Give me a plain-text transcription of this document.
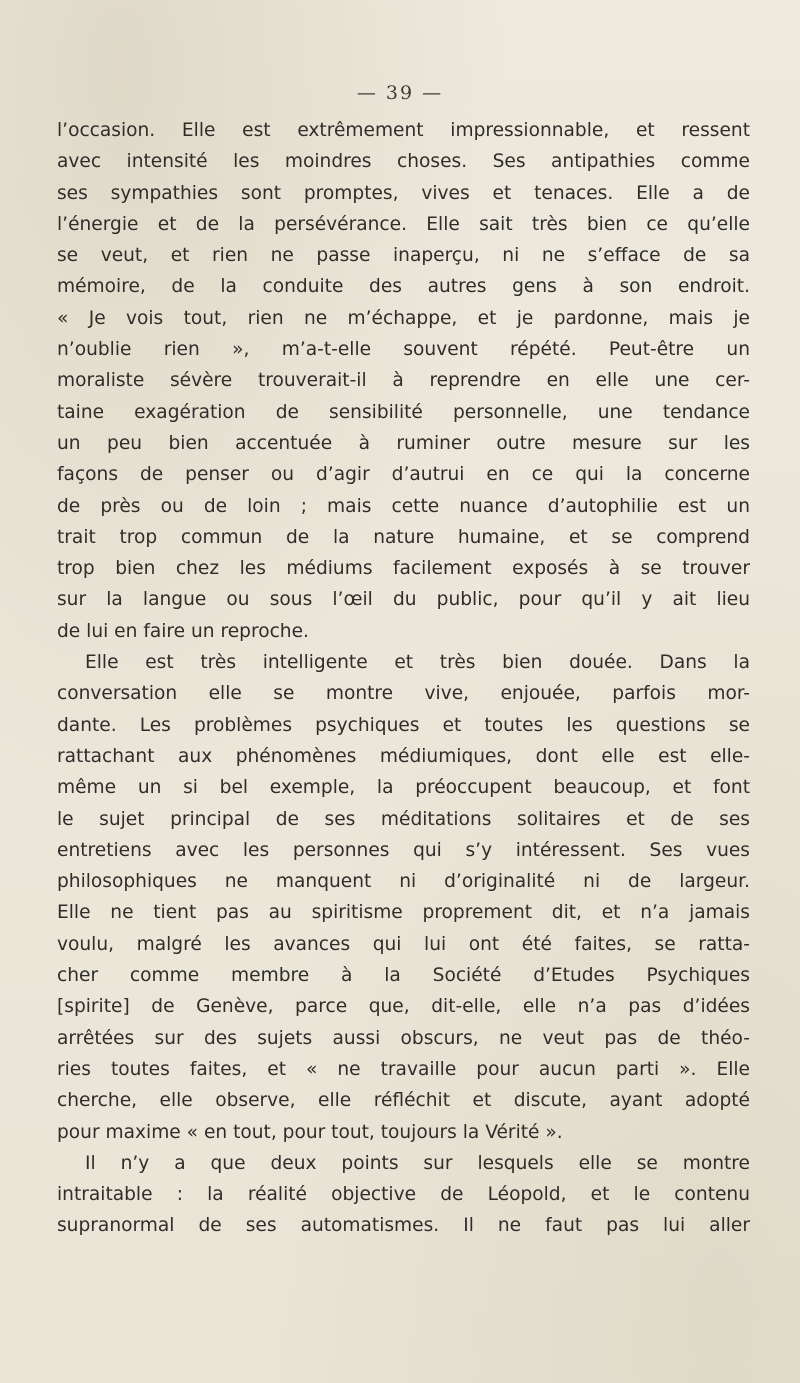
— 39 —
l’occasion. Elle est extrêmement impressionnable, et ressent
avec intensité les moindres choses. Ses antipathies comme
ses sympathies sont promptes, vives et tenaces. Elle a de
l’énergie et de la persévérance. Elle sait très bien ce qu’elle
se veut, et rien ne passe inaperçu, ni ne s’efface de sa
mémoire, de la conduite des autres gens à son endroit.
« Je vois tout, rien ne m’échappe, et je pardonne, mais je
n’oublie rien », m’a-t-elle souvent répété. Peut-être un
moraliste sévère trouverait-il à reprendre en elle une cer-
taine exagération de sensibilité personnelle, une tendance
un peu bien accentuée à ruminer outre mesure sur les
façons de penser ou d’agir d’autrui en ce qui la concerne
de près ou de loin ; mais cette nuance d’autophilie est un
trait trop commun de la nature humaine, et se comprend
trop bien chez les médiums facilement exposés à se trouver
sur la langue ou sous l’œil du public, pour qu’il y ait lieu
de lui en faire un reproche.
Elle est très intelligente et très bien douée. Dans la
conversation elle se montre vive, enjouée, parfois mor-
dante. Les problèmes psychiques et toutes les questions se
rattachant aux phénomènes médiumiques, dont elle est elle-
même un si bel exemple, la préoccupent beaucoup, et font
le sujet principal de ses méditations solitaires et de ses
entretiens avec les personnes qui s’y intéressent. Ses vues
philosophiques ne manquent ni d’originalité ni de largeur.
Elle ne tient pas au spiritisme proprement dit, et n’a jamais
voulu, malgré les avances qui lui ont été faites, se ratta-
cher comme membre à la Société d’Etudes Psychiques
[spirite] de Genève, parce que, dit-elle, elle n’a pas d’idées
arrêtées sur des sujets aussi obscurs, ne veut pas de théo-
ries toutes faites, et « ne travaille pour aucun parti ». Elle
cherche, elle observe, elle réfléchit et discute, ayant adopté
pour maxime « en tout, pour tout, toujours la Vérité ».
Il n’y a que deux points sur lesquels elle se montre
intraitable : la réalité objective de Léopold, et le contenu
supranormal de ses automatismes. Il ne faut pas lui aller
